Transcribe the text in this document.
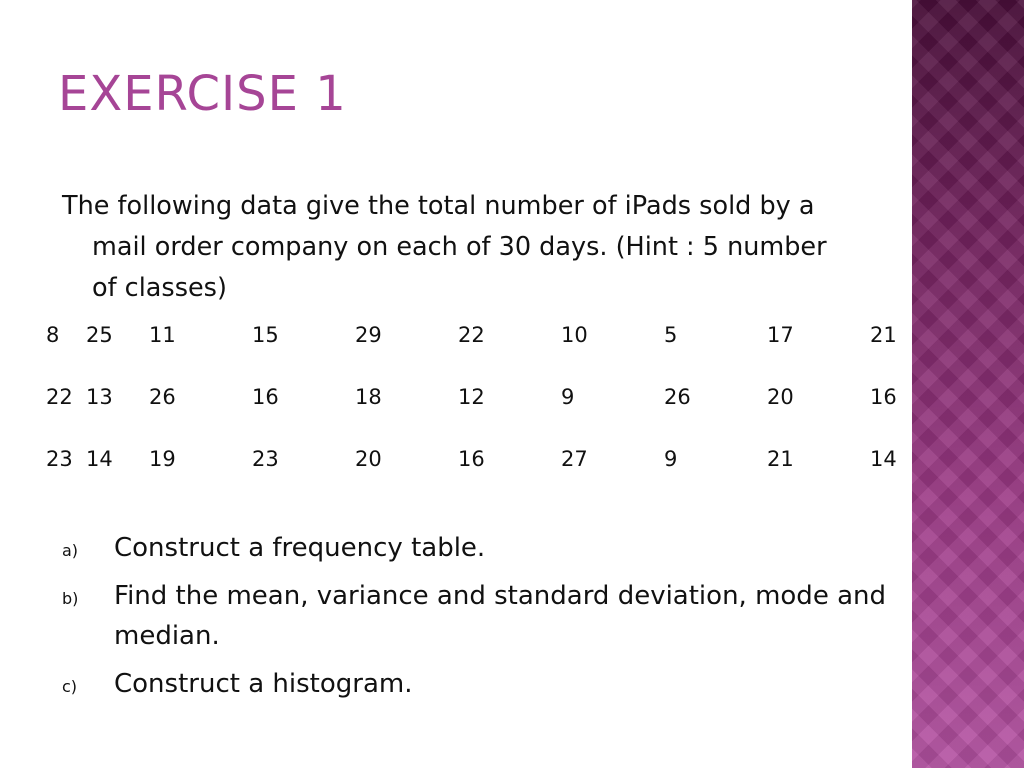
EXERCISE 1
The following data give the total number of iPads sold by a
mail order company on each of 30 days. (Hint : 5 number
of classes)
8	25	11	15	29	22	10	5	17	21
22	13	26	16	18	12	9	26	20	16
23	14	19	23	20	16	27	9	21	14
a) Construct a frequency table.
b) Find the mean, variance and standard deviation, mode and median.
c) Construct a histogram.
